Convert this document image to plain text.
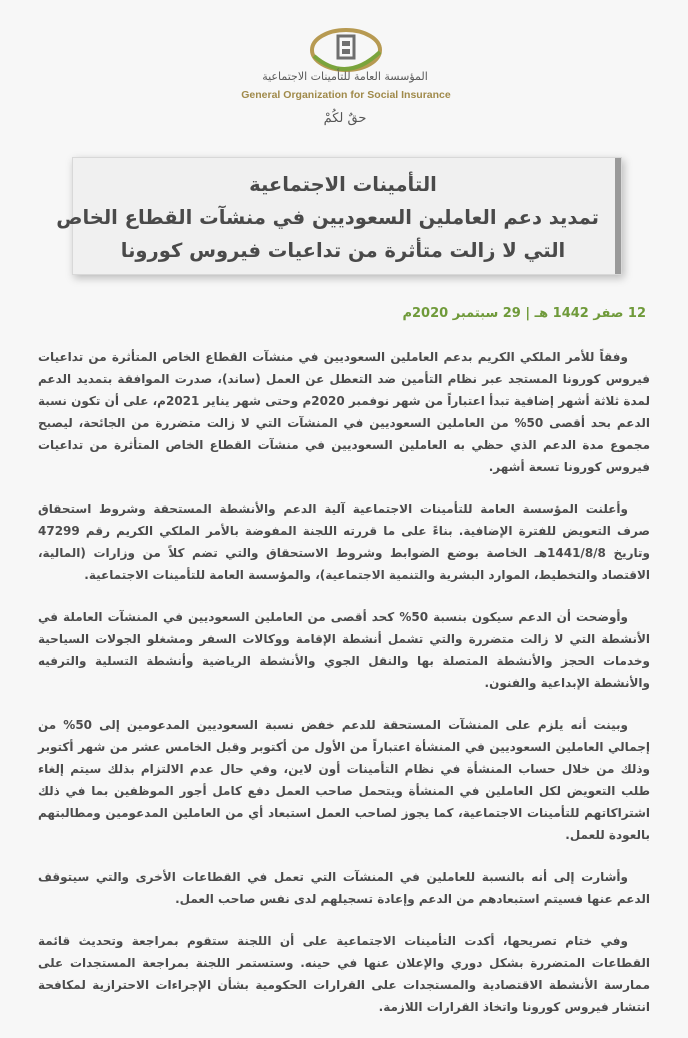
المؤسسة العامة للتأمينات الاجتماعية
General Organization for Social Insurance
حقٌ لكُمْ
التأمينات الاجتماعية
تمديد دعم العاملين السعوديين في منشآت القطاع الخاص
التي لا زالت متأثرة من تداعيات فيروس كورونا
12 صفر 1442 هـ | 29 سبتمبر 2020م

وفقاً للأمر الملكي الكريم بدعم العاملين السعوديين في منشآت القطاع الخاص المتأثرة من تداعيات فيروس كورونا المستجد عبر نظام التأمين ضد التعطل عن العمل (ساند)، صدرت الموافقة بتمديد الدعم لمدة ثلاثة أشهر إضافية تبدأ اعتباراً من شهر نوفمبر 2020م وحتى شهر يناير 2021م، على أن تكون نسبة الدعم بحد أقصى 50% من العاملين السعوديين في المنشآت التي لا زالت متضررة من الجائحة، ليصبح مجموع مدة الدعم الذي حظي به العاملين السعوديين في منشآت القطاع الخاص المتأثرة من تداعيات فيروس كورونا تسعة أشهر.

وأعلنت المؤسسة العامة للتأمينات الاجتماعية آلية الدعم والأنشطة المستحقة وشروط استحقاق صرف التعويض للفترة الإضافية. بناءً على ما قررته اللجنة المفوضة بالأمر الملكي الكريم رقم 47299 وتاريخ 1441/8/8هـ الخاصة بوضع الضوابط وشروط الاستحقاق والتي تضم كلاً من وزارات (المالية، الاقتصاد والتخطيط، الموارد البشرية والتنمية الاجتماعية)، والمؤسسة العامة للتأمينات الاجتماعية.

وأوضحت أن الدعم سيكون بنسبة 50% كحد أقصى من العاملين السعوديين في المنشآت العاملة في الأنشطة التي لا زالت متضررة والتي تشمل أنشطة الإقامة ووكالات السفر ومشغلو الجولات السياحية وخدمات الحجز والأنشطة المتصلة بها والنقل الجوي والأنشطة الرياضية وأنشطة التسلية والترفيه والأنشطة الإبداعية والفنون.

وبينت أنه يلزم على المنشآت المستحقة للدعم خفض نسبة السعوديين المدعومين إلى 50% من إجمالي العاملين السعوديين في المنشأة اعتباراً من الأول من أكتوبر وقبل الخامس عشر من شهر أكتوبر وذلك من خلال حساب المنشأة في نظام التأمينات أون لاين، وفي حال عدم الالتزام بذلك سيتم إلغاء طلب التعويض لكل العاملين في المنشأة ويتحمل صاحب العمل دفع كامل أجور الموظفين بما في ذلك اشتراكاتهم للتأمينات الاجتماعية، كما يجوز لصاحب العمل استبعاد أي من العاملين المدعومين ومطالبتهم بالعودة للعمل.

وأشارت إلى أنه بالنسبة للعاملين في المنشآت التي تعمل في القطاعات الأخرى والتي سيتوقف الدعم عنها فسيتم استبعادهم من الدعم وإعادة تسجيلهم لدى نفس صاحب العمل.

وفي ختام تصريحها، أكدت التأمينات الاجتماعية على أن اللجنة ستقوم بمراجعة وتحديث قائمة القطاعات المتضررة بشكل دوري والإعلان عنها في حينه. وستستمر اللجنة بمراجعة المستجدات على ممارسة الأنشطة الاقتصادية والمستجدات على القرارات الحكومية بشأن الإجراءات الاحترازية لمكافحة انتشار فيروس كورونا واتخاذ القرارات اللازمة.
